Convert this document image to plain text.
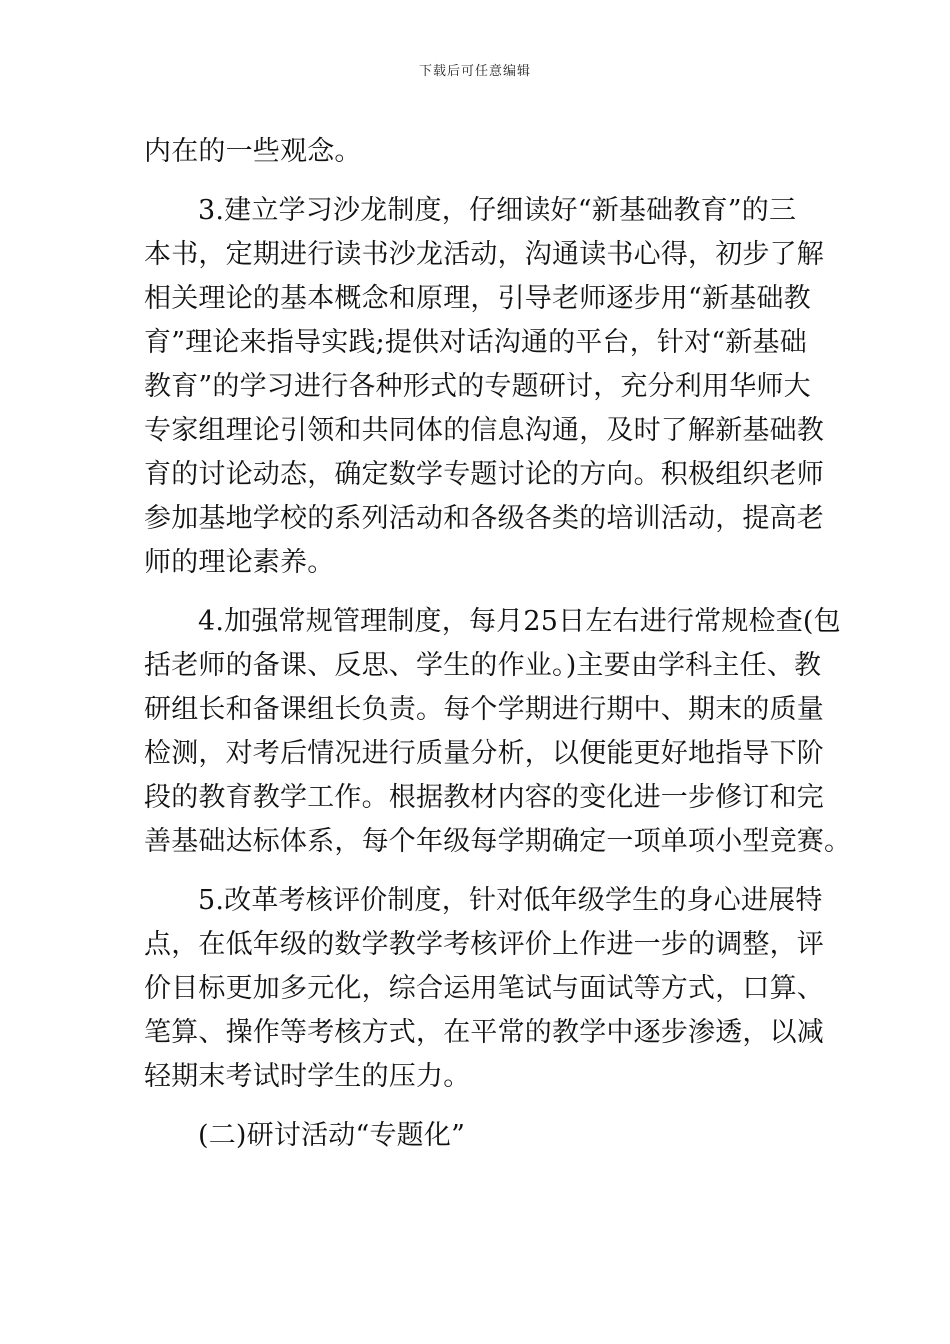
下载后可任意编辑
内在的一些观念。
3.建立学习沙龙制度，仔细读好“新基础教育”的三
本书，定期进行读书沙龙活动，沟通读书心得，初步了解
相关理论的基本概念和原理，引导老师逐步用“新基础教
育”理论来指导实践;提供对话沟通的平台，针对“新基础
教育”的学习进行各种形式的专题研讨，充分利用华师大
专家组理论引领和共同体的信息沟通，及时了解新基础教
育的讨论动态，确定数学专题讨论的方向。积极组织老师
参加基地学校的系列活动和各级各类的培训活动，提高老
师的理论素养。
4.加强常规管理制度，每月25日左右进行常规检查(包
括老师的备课、反思、学生的作业。)主要由学科主任、教
研组长和备课组长负责。每个学期进行期中、期末的质量
检测，对考后情况进行质量分析，以便能更好地指导下阶
段的教育教学工作。根据教材内容的变化进一步修订和完
善基础达标体系，每个年级每学期确定一项单项小型竞赛。
5.改革考核评价制度，针对低年级学生的身心进展特
点，在低年级的数学教学考核评价上作进一步的调整，评
价目标更加多元化，综合运用笔试与面试等方式，口算、
笔算、操作等考核方式，在平常的教学中逐步渗透，以减
轻期末考试时学生的压力。
(二)研讨活动“专题化”
